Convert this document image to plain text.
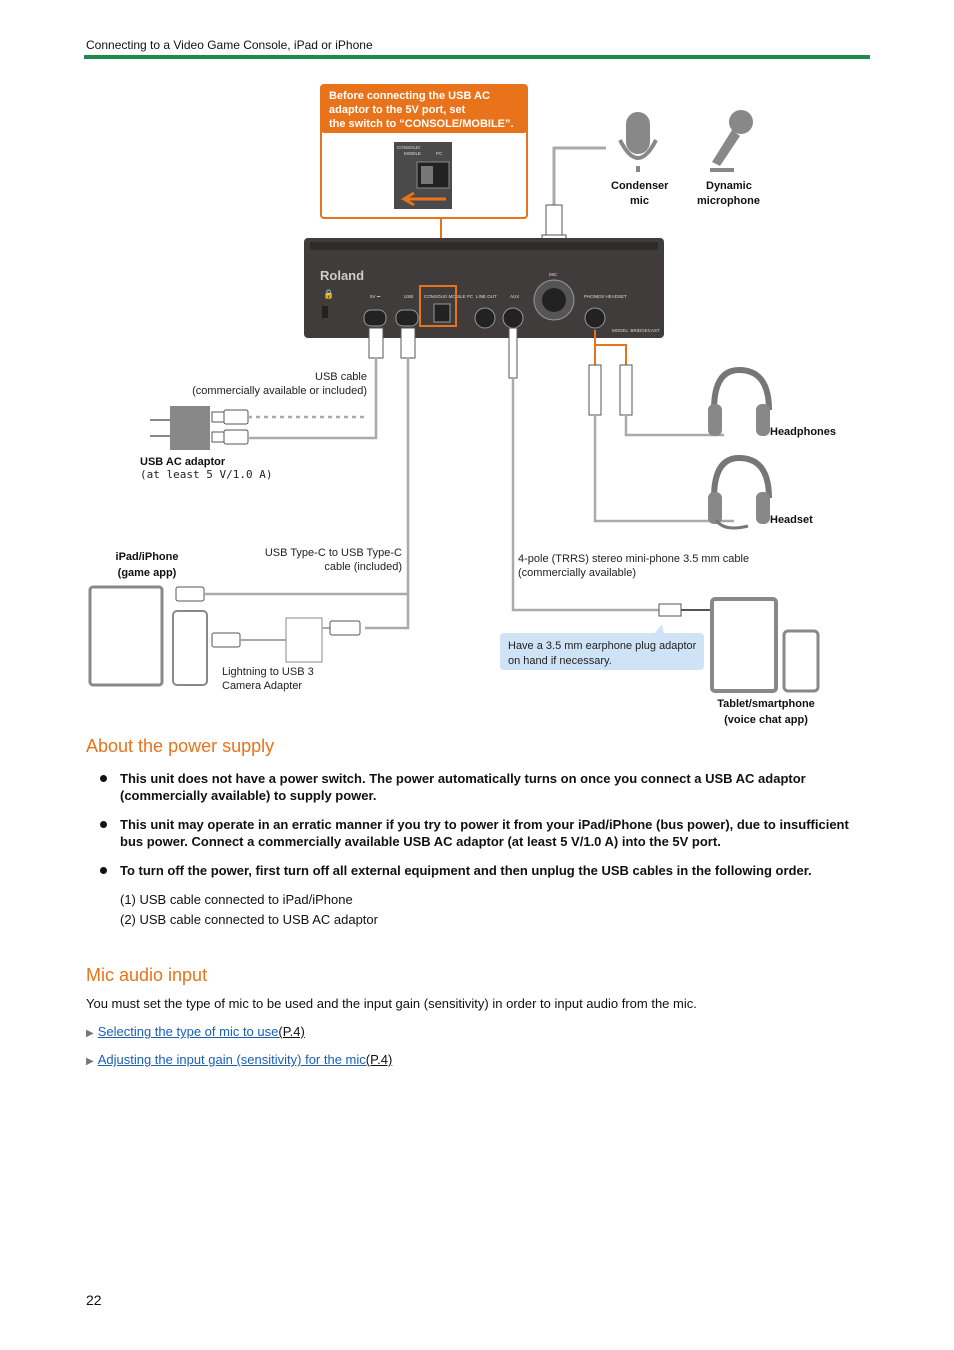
Connecting to a Video Game Console, iPad or iPhone
Before connecting the USB AC
adaptor to the 5V port, set
the switch to “CONSOLE/MOBILE”.
CONSOLE/
MOBILE	PC
Condenser
mic
Dynamic
microphone
Roland
🔒	5V ⎓	USB CONSOLE/ MOBILE PC LINE OUT	AUX
MIC
PHONES/ HEADSET
MODEL: BRIDGECAST
USB cable
(commercially available or included)
USB AC adaptor
(at least 5 V/1.0 A)
Headphones
Headset
iPad/iPhone
(game app)
USB Type-C to USB Type-C
cable (included)
Lightning to USB 3
Camera Adapter
4-pole (TRRS) stereo mini-phone 3.5 mm cable
(commercially available)
Have a 3.5 mm earphone plug adaptor
on hand if necessary.
Tablet/smartphone
(voice chat app)
About the power supply
This unit does not have a power switch. The power automatically turns on once you connect a USB AC adaptor (commercially available) to supply power.
This unit may operate in an erratic manner if you try to power it from your iPad/iPhone (bus power), due to insufficient bus power. Connect a commercially available USB AC adaptor (at least 5 V/1.0 A) into the 5V port.
To turn off the power, first turn off all external equipment and then unplug the USB cables in the following order.
(1) USB cable connected to iPad/iPhone
(2) USB cable connected to USB AC adaptor
Mic audio input
You must set the type of mic to be used and the input gain (sensitivity) in order to input audio from the mic.
▶ Selecting the type of mic to use(P.4)
▶ Adjusting the input gain (sensitivity) for the mic(P.4)
22
